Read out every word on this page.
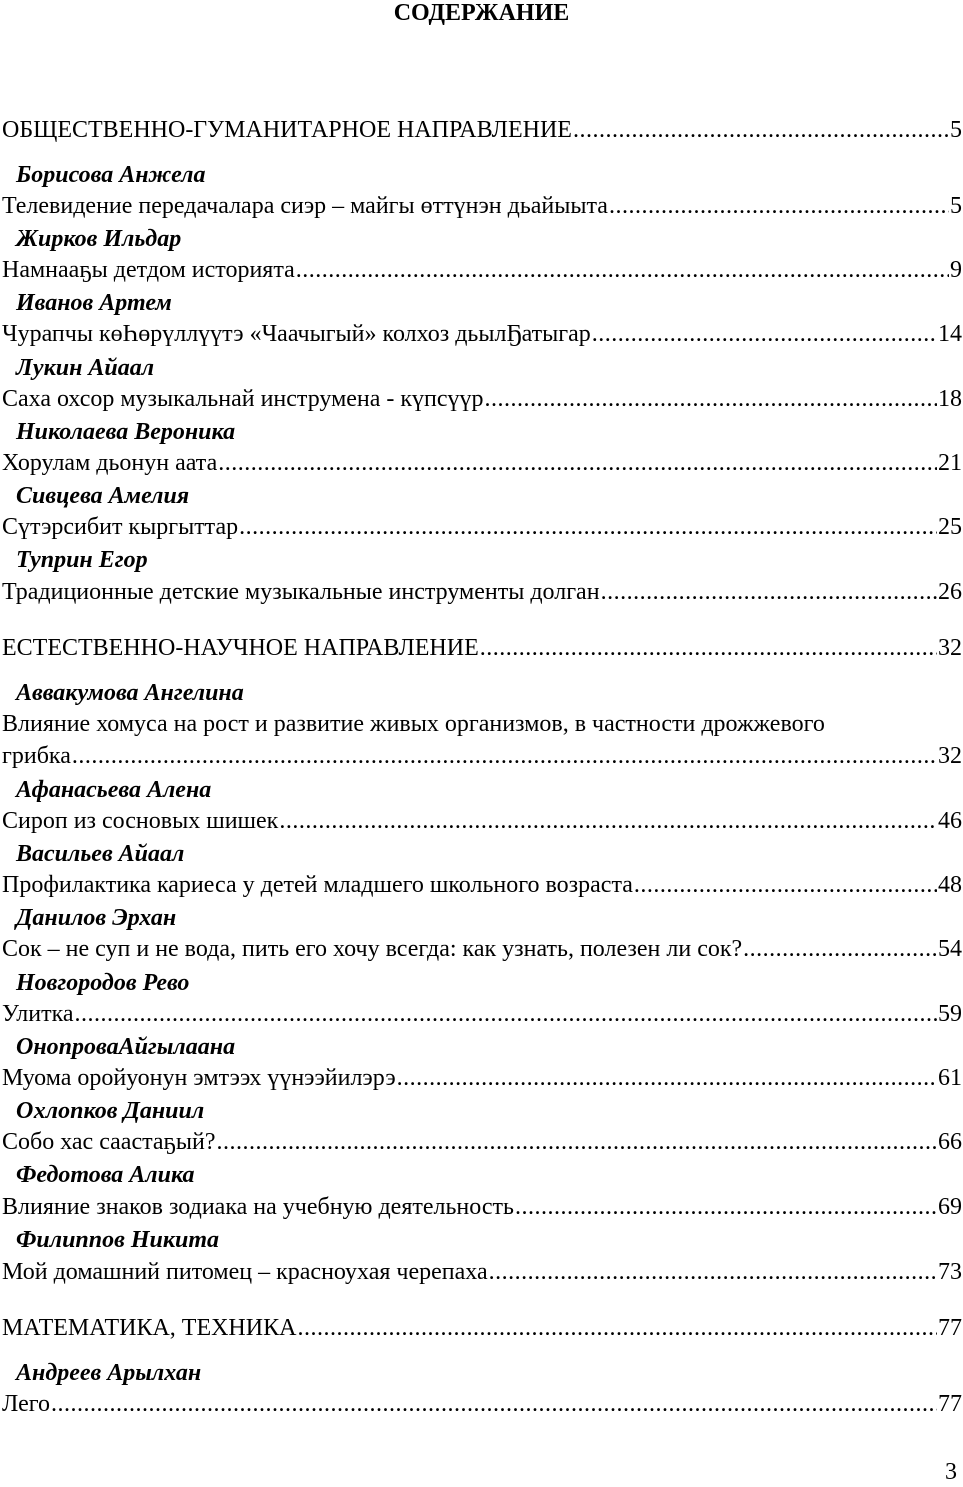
СОДЕРЖАНИЕ
ОБЩЕСТВЕННО-ГУМАНИТАРНОЕ НАПРАВЛЕНИЕ .....	5
Борисова Анжела
Телевидение передачалара сиэр – майгы өттүнэн дьайыыта .....	5
Жирков Ильдар
Намнааҕы детдом историята .....	9
Иванов Артем
Чурапчы көҺөрүллүүтэ «Чаачыгый» колхоз дьылҔатыгар .....	14
Лукин Айаал
Саха охсор музыкальнай инструмена - күпсүүр .....	18
Николаева Вероника
Хорулам дьонун аата .....	21
Сивцева Амелия
Сүтэрсибит кыргыттар .....	25
Туприн Егор
Традиционные детские музыкальные инструменты долган .....	26
ЕСТЕСТВЕННО-НАУЧНОЕ НАПРАВЛЕНИЕ .....	32
Аввакумова Ангелина
Влияние хомуса на рост и развитие живых организмов, в частности дрожжевого
грибка .....	32
Афанасьева Алена
Сироп из сосновых шишек .....	46
Васильев Айаал
Профилактика кариеса у детей младшего школьного возраста .....	48
Данилов Эрхан
Сок – не суп и не вода, пить его хочу всегда: как узнать, полезен ли сок? .....	54
Новгородов Рево
Улитка .....	59
ОнопроваАйгылаана
Муома оройуонун эмтээх үүнээйилэрэ .....	61
Охлопков Даниил
Собо хас саастаҕый? .....	66
Федотова Алика
Влияние знаков зодиака на учебную деятельность .....	69
Филиппов Никита
Мой домашний питомец – красноухая черепаха .....	73
МАТЕМАТИКА, ТЕХНИКА .....	77
Андреев Арылхан
Лего .....	77
3
